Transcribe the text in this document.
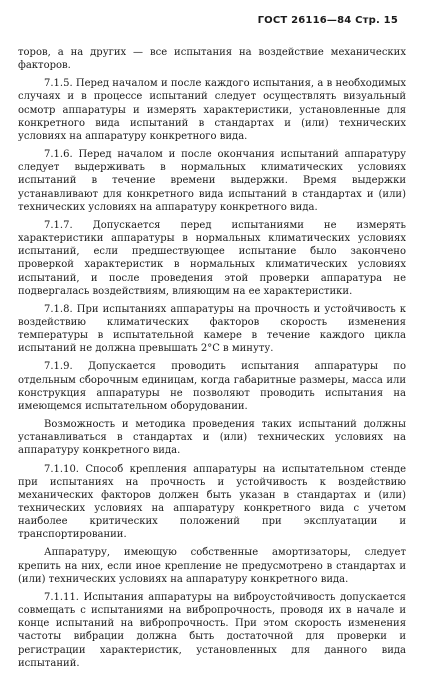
ГОСТ 26116—84 Стр. 15

торов, а на других — все испытания на воздействие механических факторов.

7.1.5. Перед началом и после каждого испытания, а в необходимых случаях и в процессе испытаний следует осуществлять визуальный осмотр аппаратуры и измерять характеристики, установленные для конкретного вида испытаний в стандартах и (или) технических условиях на аппаратуру конкретного вида.

7.1.6. Перед началом и после окончания испытаний аппаратуру следует выдерживать в нормальных климатических условиях испытаний в течение времени выдержки. Время выдержки устанавливают для конкретного вида испытаний в стандартах и (или) технических условиях на аппаратуру конкретного вида.

7.1.7. Допускается перед испытаниями не измерять характеристики аппаратуры в нормальных климатических условиях испытаний, если предшествующее испытание было закончено проверкой характеристик в нормальных климатических условиях испытаний, и после проведения этой проверки аппаратура не подвергалась воздействиям, влияющим на ее характеристики.

7.1.8. При испытаниях аппаратуры на прочность и устойчивость к воздействию климатических факторов скорость изменения температуры в испытательной камере в течение каждого цикла испытаний не должна превышать 2°C в минуту.

7.1.9. Допускается проводить испытания аппаратуры по отдельным сборочным единицам, когда габаритные размеры, масса или конструкция аппаратуры не позволяют проводить испытания на имеющемся испытательном оборудовании.

Возможность и методика проведения таких испытаний должны устанавливаться в стандартах и (или) технических условиях на аппаратуру конкретного вида.

7.1.10. Способ крепления аппаратуры на испытательном стенде при испытаниях на прочность и устойчивость к воздействию механических факторов должен быть указан в стандартах и (или) технических условиях на аппаратуру конкретного вида с учетом наиболее критических положений при эксплуатации и транспортировании.

Аппаратуру, имеющую собственные амортизаторы, следует крепить на них, если иное крепление не предусмотрено в стандартах и (или) технических условиях на аппаратуру конкретного вида.

7.1.11. Испытания аппаратуры на виброустойчивость допускается совмещать с испытаниями на вибропрочность, проводя их в начале и конце испытаний на вибропрочность. При этом скорость изменения частоты вибрации должна быть достаточной для проверки и регистрации характеристик, установленных для данного вида испытаний.
